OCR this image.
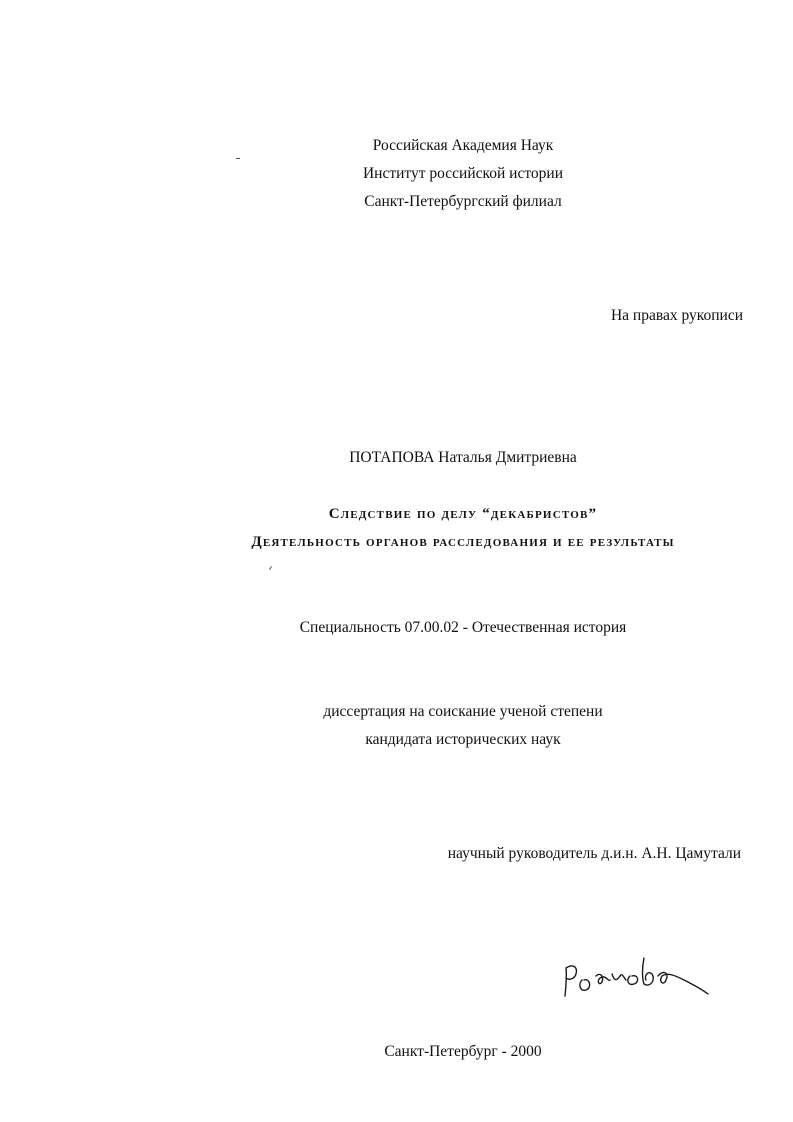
Российская Академия Наук
Институт российской истории
Санкт-Петербургский филиал
На правах рукописи
ПОТАПОВА Наталья Дмитриевна
Следствие по делу “декабристов”
Деятельность органов расследования и ее результаты
Специальность 07.00.02 - Отечественная история
диссертация на соискание ученой степени
кандидата исторических наук
научный руководитель д.и.н. А.Н. Цамутали
Санкт-Петербург - 2000
